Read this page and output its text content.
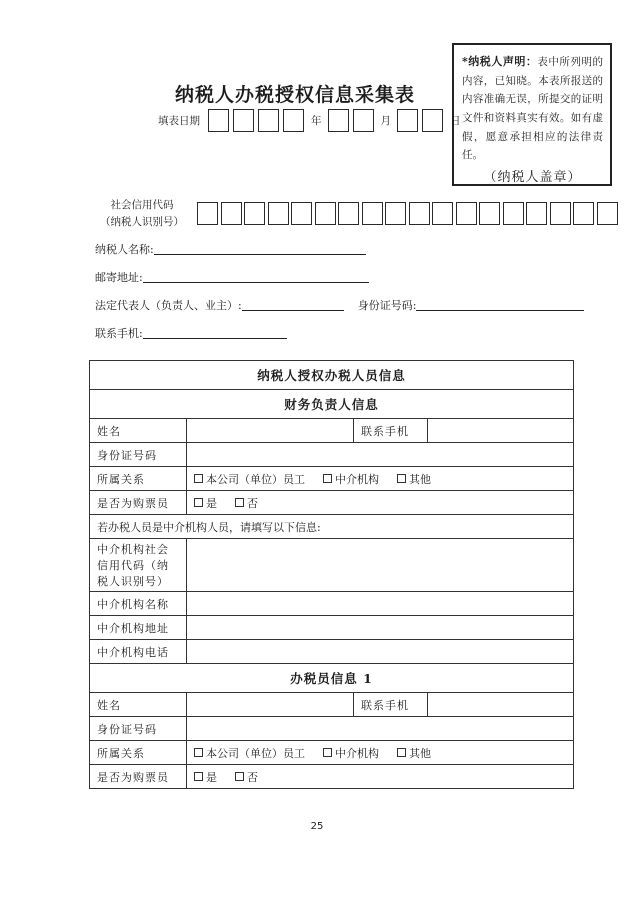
*纳税人声明：表中所列明的内容，已知晓。本表所报送的内容准确无误，所提交的证明文件和资料真实有效。如有虚假，愿意承担相应的法律责任。
（纳税人盖章）
纳税人办税授权信息采集表
填表日期	年	月	日
社会信用代码
（纳税人识别号）
纳税人名称:
邮寄地址:
法定代表人（负责人、业主）:	身份证号码:
联系手机:
纳税人授权办税人员信息			
财务负责人信息			
姓名		联系手机	
身份证号码			
所属关系	本公司（单位）员工 中介机构 其他		

是否为购票员	是 否		

若办税人员是中介机构人员，请填写以下信息:			
中介机构社会信用代码（纳税人识别号）			
中介机构名称			
中介机构地址			
中介机构电话			
办税员信息 1			
姓名		联系手机	
身份证号码			
所属关系	本公司（单位）员工 中介机构 其他		

是否为购票员	是 否		
25
